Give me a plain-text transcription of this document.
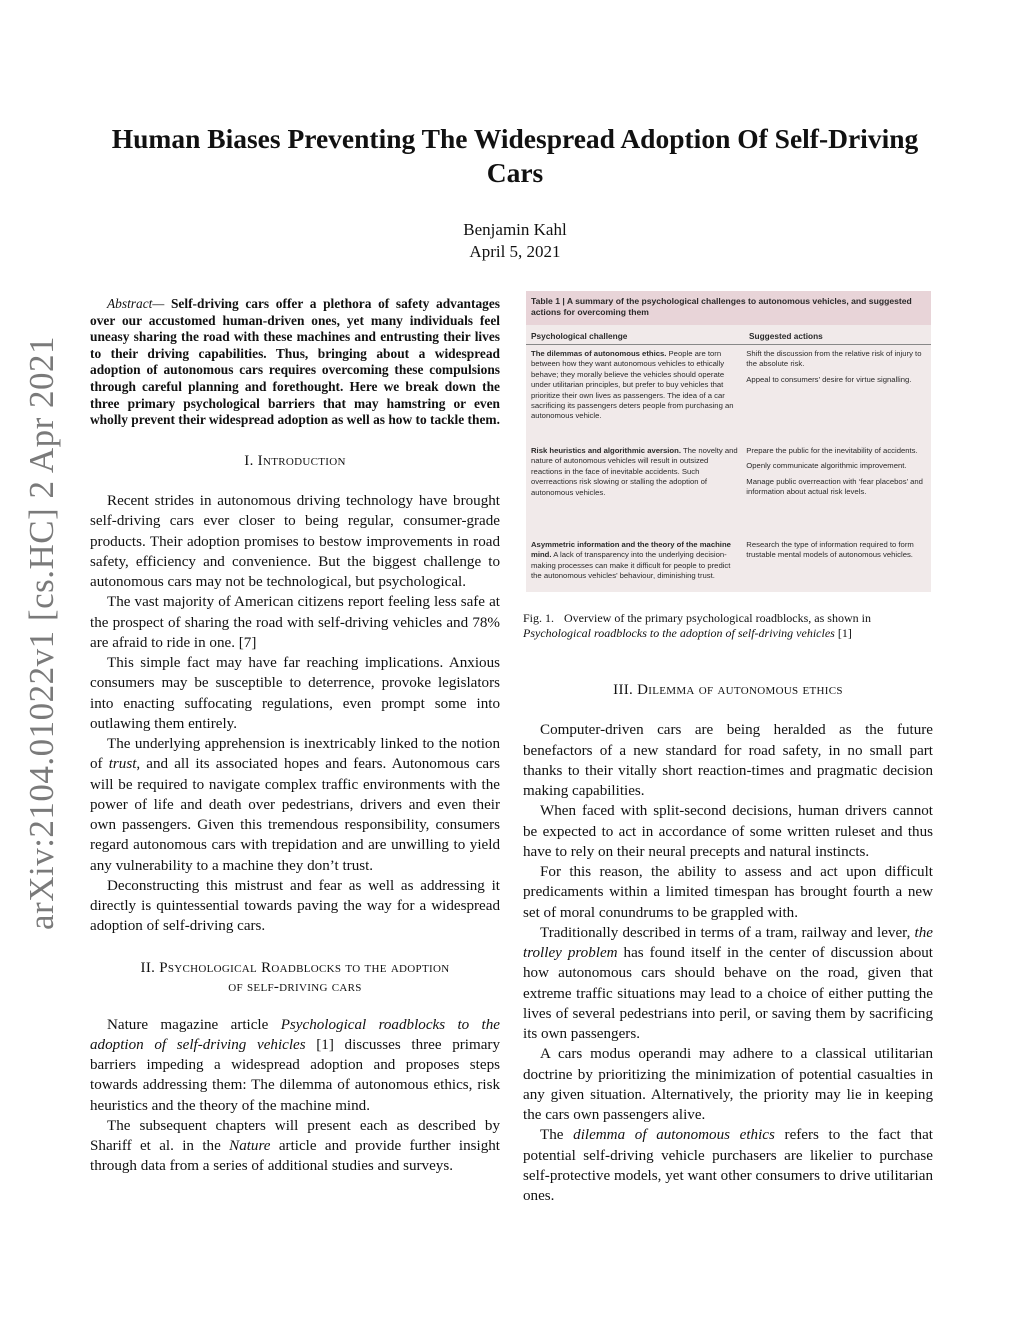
arXiv:2104.01022v1 [cs.HC] 2 Apr 2021
Human Biases Preventing The Widespread Adoption Of Self-Driving
Cars
Benjamin Kahl
April 5, 2021

Abstract— Self-driving cars offer a plethora of safety advantages over our accustomed human-driven ones, yet many individuals feel uneasy sharing the road with these machines and entrusting their lives to their driving capabilities. Thus, bringing about a widespread adoption of autonomous cars requires overcoming these compulsions through careful planning and forethought. Here we break down the three primary psychological barriers that may hamstring or even wholly prevent their widespread adoption as well as how to tackle them.

I. Introduction

Recent strides in autonomous driving technology have brought self-driving cars ever closer to being regular, consumer-grade products. Their adoption promises to bestow improvements in road safety, efficiency and convenience. But the biggest challenge to autonomous cars may not be technological, but psychological.

The vast majority of American citizens report feeling less safe at the prospect of sharing the road with self-driving vehicles and 78% are afraid to ride in one. [7]

This simple fact may have far reaching implications. Anxious consumers may be susceptible to deterrence, provoke legislators into enacting suffocating regulations, even prompt some into outlawing them entirely.

The underlying apprehension is inextricably linked to the notion of trust, and all its associated hopes and fears. Autonomous cars will be required to navigate complex traffic environments with the power of life and death over pedestrians, drivers and even their own passengers. Given this tremendous responsibility, consumers regard autonomous cars with trepidation and are unwilling to yield any vulnerability to a machine they don’t trust.

Deconstructing this mistrust and fear as well as addressing it directly is quintessential towards paving the way for a widespread adoption of self-driving cars.

II. Psychological Roadblocks to the adoption
of self-driving cars

Nature magazine article Psychological roadblocks to the adoption of self-driving vehicles [1] discusses three primary barriers impeding a widespread adoption and proposes steps towards addressing them: The dilemma of autonomous ethics, risk heuristics and the theory of the machine mind.

The subsequent chapters will present each as described by Shariff et al. in the Nature article and provide further insight through data from a series of additional studies and surveys.

Table 1 | A summary of the psychological challenges to autonomous vehicles, and suggested actions for overcoming them
Psychological challenge	Suggested actions
The dilemmas of autonomous ethics. People are torn between how they want autonomous vehicles to ethically behave; they morally believe the vehicles should operate under utilitarian principles, but prefer to buy vehicles that prioritize their own lives as passengers. The idea of a car sacrificing its passengers deters people from purchasing an autonomous vehicle.
Shift the discussion from the relative risk of injury to the absolute risk.
Appeal to consumers’ desire for virtue signalling.
Risk heuristics and algorithmic aversion. The novelty and nature of autonomous vehicles will result in outsized reactions in the face of inevitable accidents. Such overreactions risk slowing or stalling the adoption of autonomous vehicles.
Prepare the public for the inevitability of accidents.
Openly communicate algorithmic improvement.
Manage public overreaction with ‘fear placebos’ and information about actual risk levels.
Asymmetric information and the theory of the machine mind. A lack of transparency into the underlying decision-making processes can make it difficult for people to predict the autonomous vehicles’ behaviour, diminishing trust.
Research the type of information required to form trustable mental models of autonomous vehicles.
Fig. 1. Overview of the primary psychological roadblocks, as shown in Psychological roadblocks to the adoption of self-driving vehicles [1]

III. Dilemma of autonomous ethics

Computer-driven cars are being heralded as the future benefactors of a new standard for road safety, in no small part thanks to their vitally short reaction-times and pragmatic decision making capabilities.

When faced with split-second decisions, human drivers cannot be expected to act in accordance of some written ruleset and thus have to rely on their neural precepts and natural instincts.

For this reason, the ability to assess and act upon difficult predicaments within a limited timespan has brought fourth a new set of moral conundrums to be grappled with.

Traditionally described in terms of a tram, railway and lever, the trolley problem has found itself in the center of discussion about how autonomous cars should behave on the road, given that extreme traffic situations may lead to a choice of either putting the lives of several pedestrians into peril, or saving them by sacrificing its own passengers.

A cars modus operandi may adhere to a classical utilitarian doctrine by prioritizing the minimization of potential casualties in any given situation. Alternatively, the priority may lie in keeping the cars own passengers alive.

The dilemma of autonomous ethics refers to the fact that potential self-driving vehicle purchasers are likelier to purchase self-protective models, yet want other consumers to drive utilitarian ones.
